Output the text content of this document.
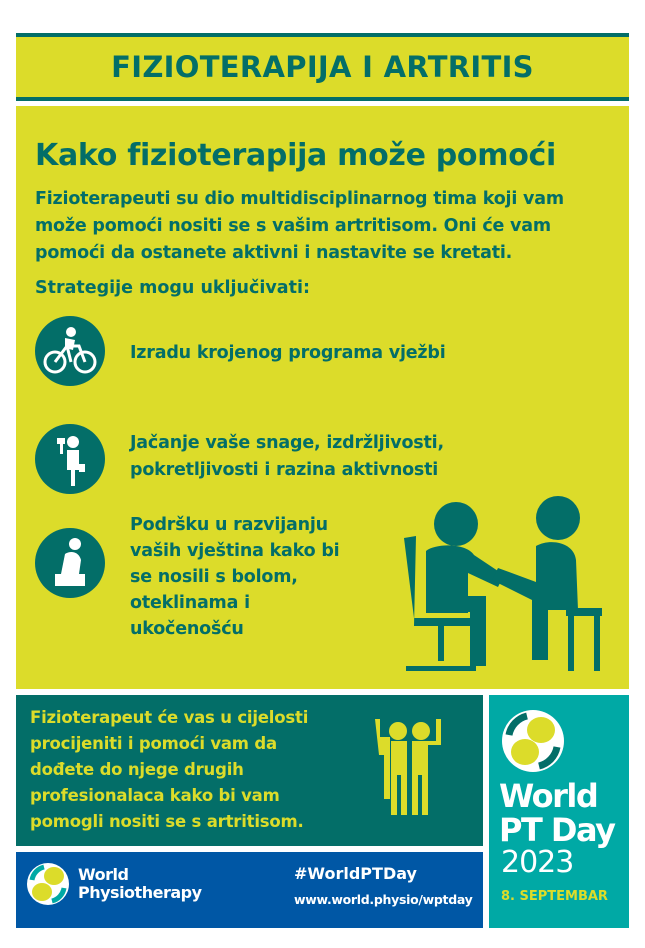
FIZIOTERAPIJA I ARTRITIS
Kako fizioterapija može pomoći
Fizioterapeuti su dio multidisciplinarnog tima koji vam može pomoći nositi se s vašim artritisom. Oni će vam pomoći da ostanete aktivni i nastavite se kretati.
Strategije mogu uključivati:
Izradu krojenog programa vježbi
Jačanje vaše snage, izdržljivosti,
pokretljivosti i razina aktivnosti
Podršku u razvijanju
vaših vještina kako bi
se nosili s bolom,
oteklinama i
ukočenošću
Fizioterapeut će vas u cijelosti
procijeniti i pomoći vam da
dođete do njege drugih
profesionalaca kako bi vam
pomogli nositi se s artritisom.
World
Physiotherapy
#WorldPTDay
www.world.physio/wptday
World
PT Day
2023
8. SEPTEMBAR
